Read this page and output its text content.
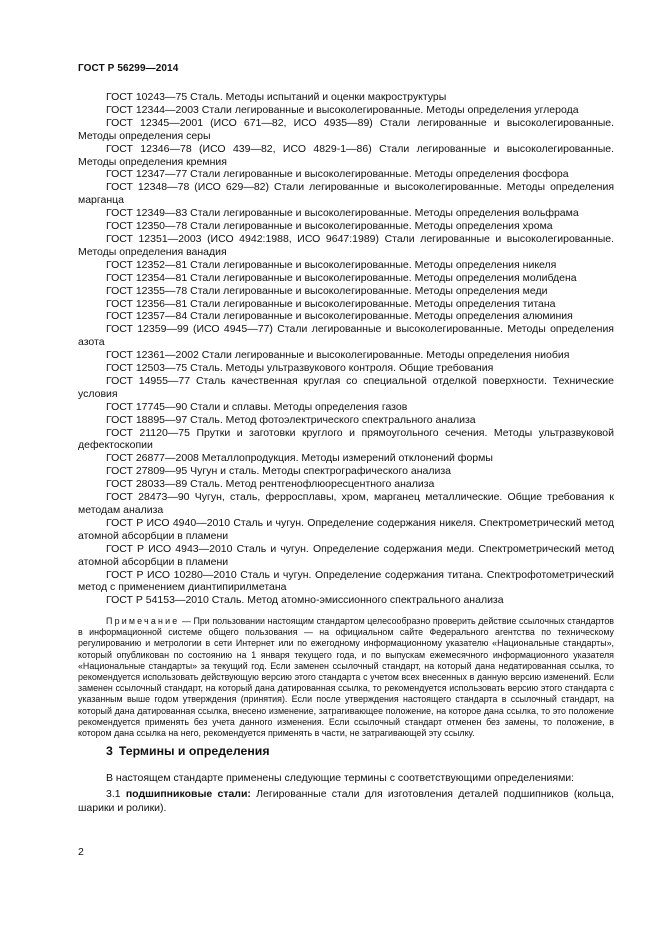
ГОСТ Р 56299—2014

ГОСТ 10243—75 Сталь. Методы испытаний и оценки макроструктуры

ГОСТ 12344—2003 Стали легированные и высоколегированные. Методы определения углерода

ГОСТ 12345—2001 (ИСО 671—82, ИСО 4935—89) Стали легированные и высоколегированные. Методы определения серы

ГОСТ 12346—78 (ИСО 439—82, ИСО 4829-1—86) Стали легированные и высоколегированные. Методы определения кремния

ГОСТ 12347—77 Стали легированные и высоколегированные. Методы определения фосфора

ГОСТ 12348—78 (ИСО 629—82) Стали легированные и высоколегированные. Методы определения марганца

ГОСТ 12349—83 Стали легированные и высоколегированные. Методы определения вольфрама

ГОСТ 12350—78 Стали легированные и высоколегированные. Методы определения хрома

ГОСТ 12351—2003 (ИСО 4942:1988, ИСО 9647:1989) Стали легированные и высоколегированные. Методы определения ванадия

ГОСТ 12352—81 Стали легированные и высоколегированные. Методы определения никеля

ГОСТ 12354—81 Стали легированные и высоколегированные. Методы определения молибдена

ГОСТ 12355—78 Стали легированные и высоколегированные. Методы определения меди

ГОСТ 12356—81 Стали легированные и высоколегированные. Методы определения титана

ГОСТ 12357—84 Стали легированные и высоколегированные. Методы определения алюминия

ГОСТ 12359—99 (ИСО 4945—77) Стали легированные и высоколегированные. Методы определения азота

ГОСТ 12361—2002 Стали легированные и высоколегированные. Методы определения ниобия

ГОСТ 12503—75 Сталь. Методы ультразвукового контроля. Общие требования

ГОСТ 14955—77 Сталь качественная круглая со специальной отделкой поверхности. Технические условия

ГОСТ 17745—90 Стали и сплавы. Методы определения газов

ГОСТ 18895—97 Сталь. Метод фотоэлектрического спектрального анализа

ГОСТ 21120—75 Прутки и заготовки круглого и прямоугольного сечения. Методы ультразвуковой дефектоскопии

ГОСТ 26877—2008 Металлопродукция. Методы измерений отклонений формы

ГОСТ 27809—95 Чугун и сталь. Методы спектрографического анализа

ГОСТ 28033—89 Сталь. Метод рентгенофлюоресцентного анализа

ГОСТ 28473—90 Чугун, сталь, ферросплавы, хром, марганец металлические. Общие требования к методам анализа

ГОСТ Р ИСО 4940—2010 Сталь и чугун. Определение содержания никеля. Спектрометрический метод атомной абсорбции в пламени

ГОСТ Р ИСО 4943—2010 Сталь и чугун. Определение содержания меди. Спектрометрический метод атомной абсорбции в пламени

ГОСТ Р ИСО 10280—2010 Сталь и чугун. Определение содержания титана. Спектрофотометрический метод с применением диантипирилметана

ГОСТ Р 54153—2010 Сталь. Метод атомно-эмиссионного спектрального анализа

Примечание — При пользовании настоящим стандартом целесообразно проверить действие ссылочных стандартов в информационной системе общего пользования — на официальном сайте Федерального агентства по техническому регулированию и метрологии в сети Интернет или по ежегодному информационному указателю «Национальные стандарты», который опубликован по состоянию на 1 января текущего года, и по выпускам ежемесячного информационного указателя «Национальные стандарты» за текущий год. Если заменен ссылочный стандарт, на который дана недатированная ссылка, то рекомендуется использовать действующую версию этого стандарта с учетом всех внесенных в данную версию изменений. Если заменен ссылочный стандарт, на который дана датированная ссылка, то рекомендуется использовать версию этого стандарта с указанным выше годом утверждения (принятия). Если после утверждения настоящего стандарта в ссылочный стандарт, на который дана датированная ссылка, внесено изменение, затрагивающее положение, на которое дана ссылка, то это положение рекомендуется применять без учета данного изменения. Если ссылочный стандарт отменен без замены, то положение, в котором дана ссылка на него, рекомендуется применять в части, не затрагивающей эту ссылку.

3 Термины и определения

В настоящем стандарте применены следующие термины с соответствующими определениями:

3.1 подшипниковые стали: Легированные стали для изготовления деталей подшипников (кольца, шарики и ролики).

2
